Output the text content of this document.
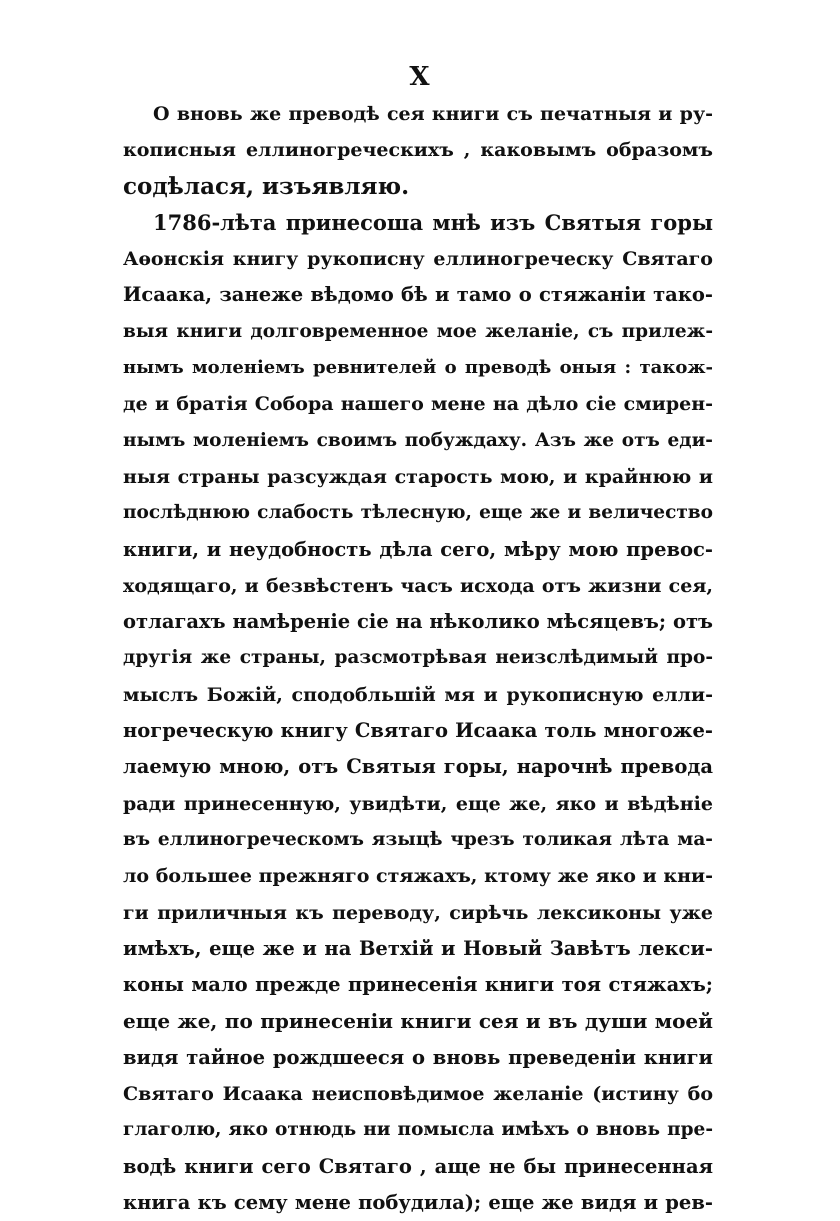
X
О вновь же преводѣ сея книги съ печатныя и ру-
кописныя еллиногреческихъ , каковымъ образомъ
содѣлася, изъявляю.
1786-лѣта принесоша мнѣ изъ Святыя горы
Аѳонскія книгу рукописну еллиногреческу Святаго
Исаака, занеже вѣдомо бѣ и тамо о стяжаніи тако-
выя книги долговременное мое желаніе, съ прилеж-
нымъ моленіемъ ревнителей о преводѣ оныя : також-
де и братія Собора нашего мене на дѣло сіе смирен-
нымъ моленіемъ своимъ побуждаху. Азъ же отъ еди-
ныя страны разсуждая старость мою, и крайнюю и
послѣднюю слабость тѣлесную, еще же и величество
книги, и неудобность дѣла сего, мѣру мою превос-
ходящаго, и безвѣстенъ часъ исхода отъ жизни сея,
отлагахъ намѣреніе сіе на нѣколико мѣсяцевъ; отъ
другія же страны, разсмотрѣвая неизслѣдимый про-
мыслъ Божій, сподобльшій мя и рукописную елли-
ногреческую книгу Святаго Исаака толь многоже-
лаемую мною, отъ Святыя горы, нарочнѣ превода
ради принесенную, увидѣти, еще же, яко и вѣдѣніе
въ еллиногреческомъ языцѣ чрезъ толикая лѣта ма-
ло большее прежняго стяжахъ, ктому же яко и кни-
ги приличныя къ переводу, сирѣчь лексиконы уже
имѣхъ, еще же и на Ветхій и Новый Завѣтъ лекси-
коны мало прежде принесенія книги тоя стяжахъ;
еще же, по принесеніи книги сея и въ души моей
видя тайное рождшееся о вновь преведеніи книги
Святаго Исаака неисповѣдимое желаніе (истину бо
глаголю, яко отнюдь ни помысла имѣхъ о вновь пре-
водѣ книги сего Святаго , аще не бы принесенная
книга къ сему мене побудила); еще же видя и рев-
